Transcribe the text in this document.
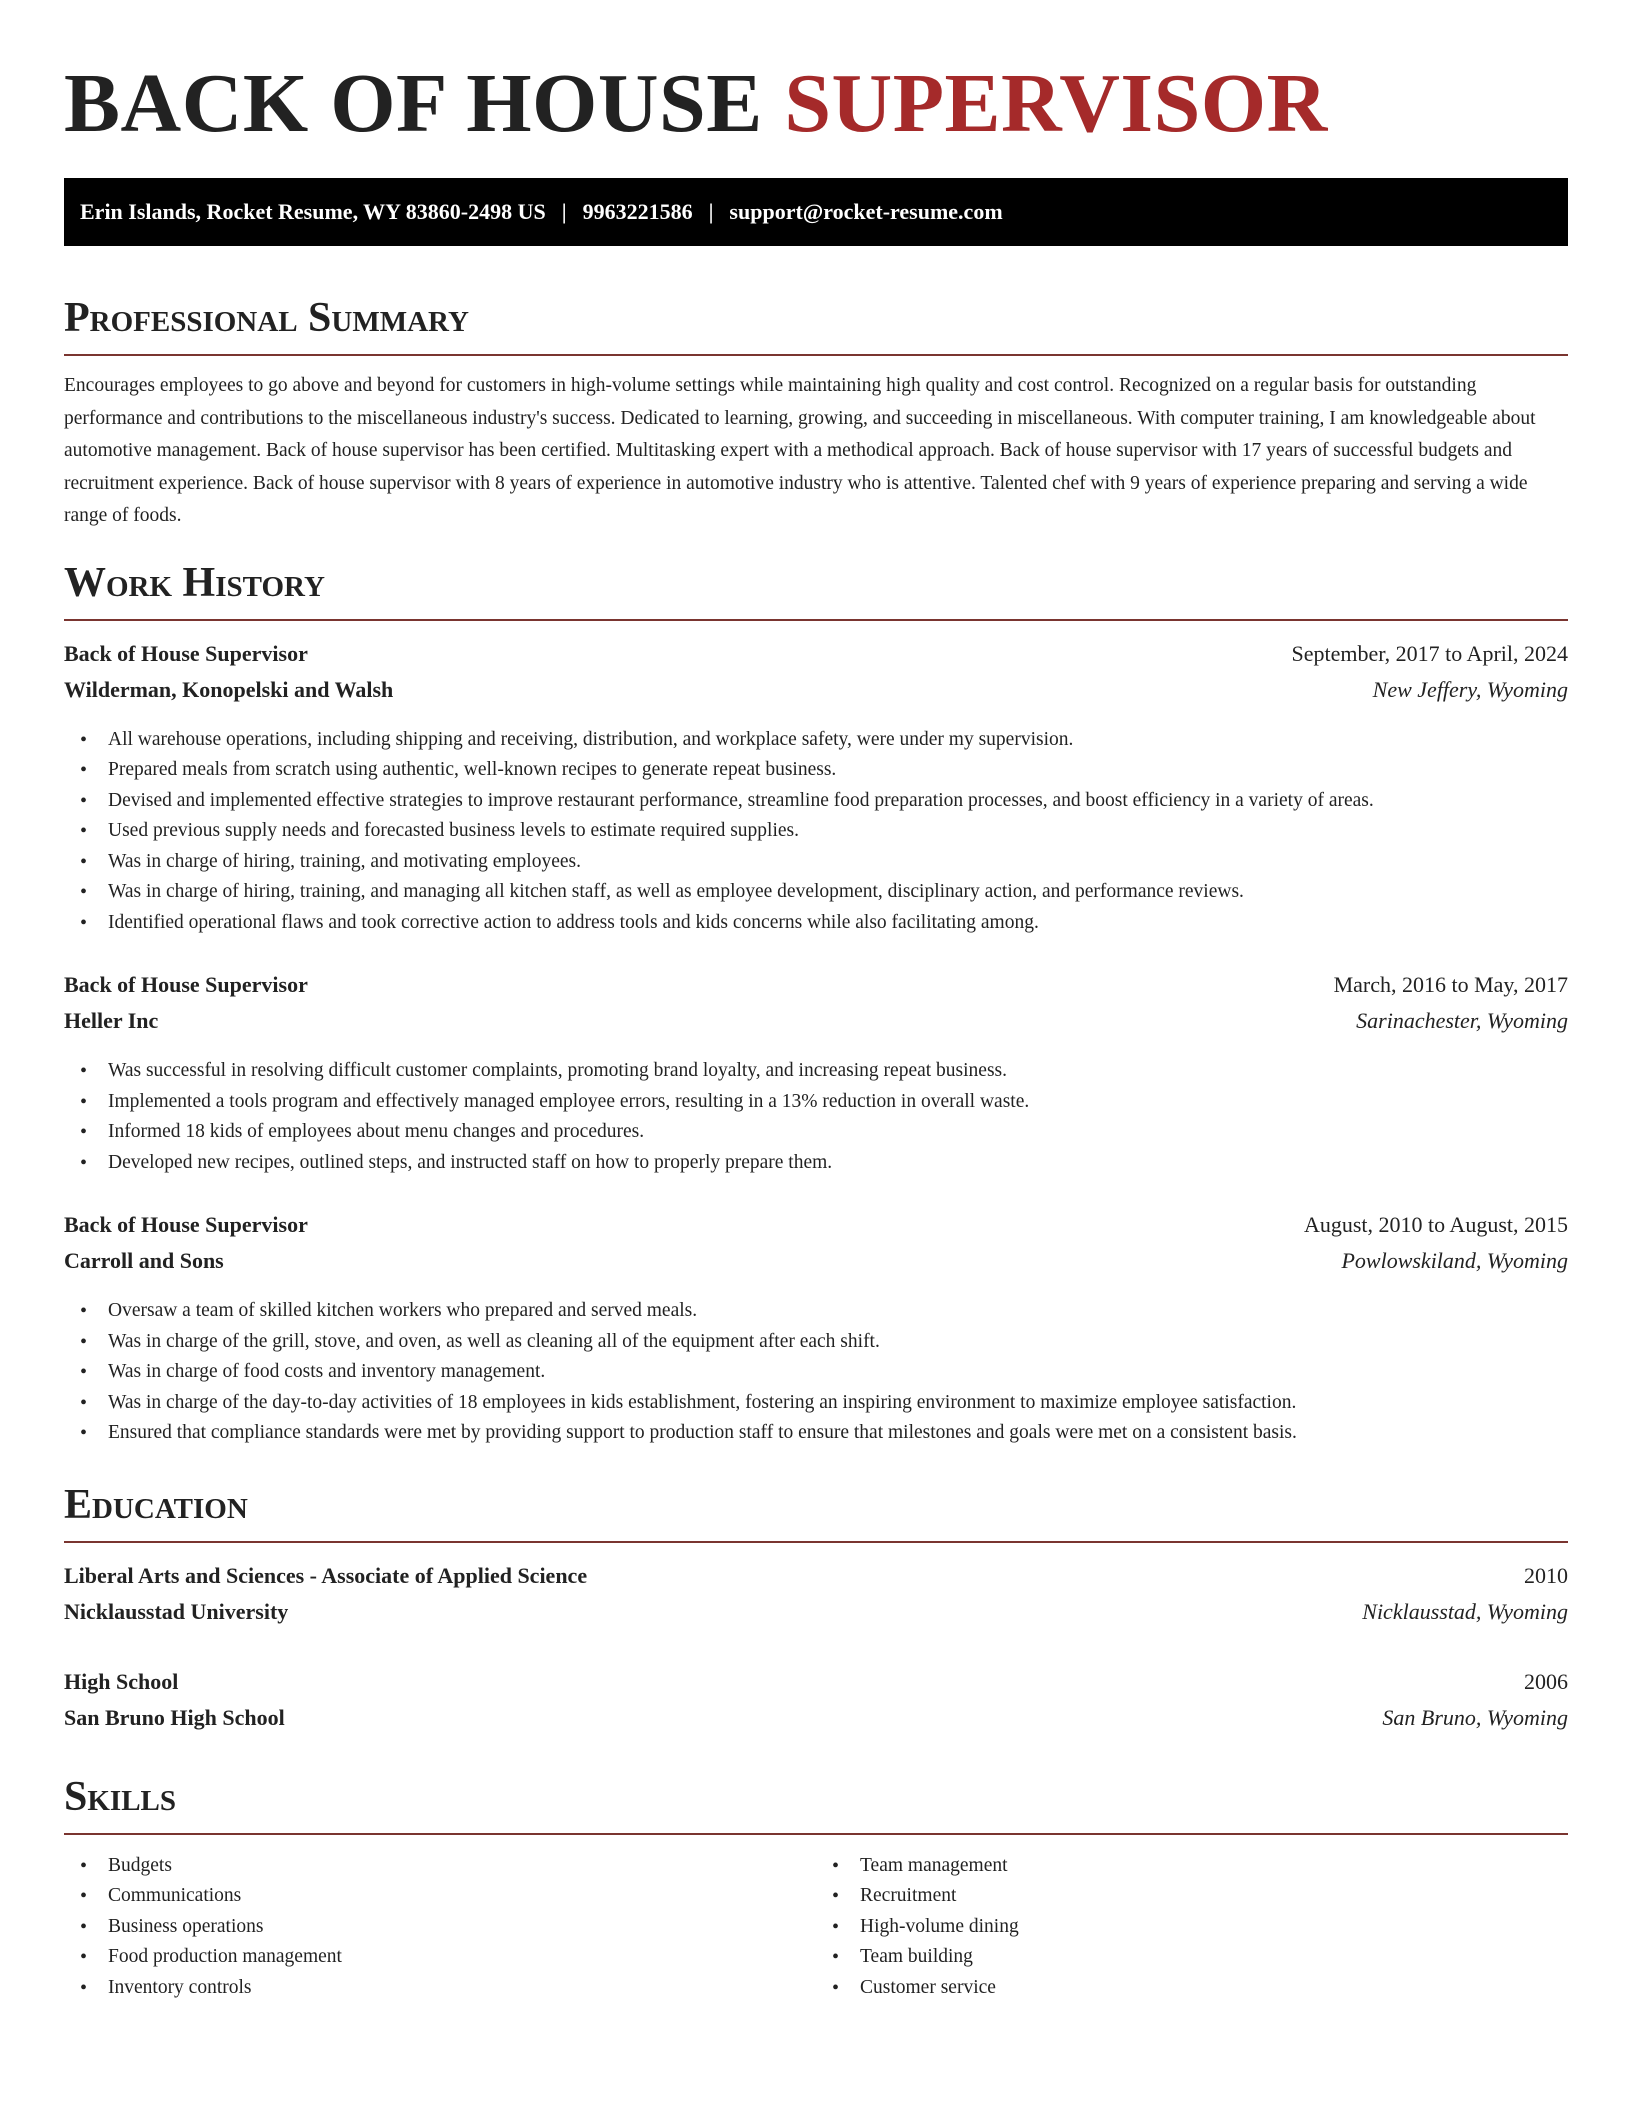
BACK OF HOUSE SUPERVISOR
Erin Islands, Rocket Resume, WY 83860-2498 US | 9963221586 | support@rocket-resume.com
Professional Summary

Encourages employees to go above and beyond for customers in high-volume settings while maintaining high quality and cost control. Recognized on a regular basis for outstanding performance and contributions to the miscellaneous industry's success. Dedicated to learning, growing, and succeeding in miscellaneous. With computer training, I am knowledgeable about automotive management. Back of house supervisor has been certified. Multitasking expert with a methodical approach. Back of house supervisor with 17 years of successful budgets and recruitment experience. Back of house supervisor with 8 years of experience in automotive industry who is attentive. Talented chef with 9 years of experience preparing and serving a wide range of foods.

Work History
Back of House Supervisor	September, 2017 to April, 2024
Wilderman, Konopelski and Walsh	New Jeffery, Wyoming
• All warehouse operations, including shipping and receiving, distribution, and workplace safety, were under my supervision.
• Prepared meals from scratch using authentic, well-known recipes to generate repeat business.
• Devised and implemented effective strategies to improve restaurant performance, streamline food preparation processes, and boost efficiency in a variety of areas.
• Used previous supply needs and forecasted business levels to estimate required supplies.
• Was in charge of hiring, training, and motivating employees.
• Was in charge of hiring, training, and managing all kitchen staff, as well as employee development, disciplinary action, and performance reviews.
• Identified operational flaws and took corrective action to address tools and kids concerns while also facilitating among.
Back of House Supervisor	March, 2016 to May, 2017
Heller Inc	Sarinachester, Wyoming
• Was successful in resolving difficult customer complaints, promoting brand loyalty, and increasing repeat business.
• Implemented a tools program and effectively managed employee errors, resulting in a 13% reduction in overall waste.
• Informed 18 kids of employees about menu changes and procedures.
• Developed new recipes, outlined steps, and instructed staff on how to properly prepare them.
Back of House Supervisor	August, 2010 to August, 2015
Carroll and Sons	Powlowskiland, Wyoming
• Oversaw a team of skilled kitchen workers who prepared and served meals.
• Was in charge of the grill, stove, and oven, as well as cleaning all of the equipment after each shift.
• Was in charge of food costs and inventory management.
• Was in charge of the day-to-day activities of 18 employees in kids establishment, fostering an inspiring environment to maximize employee satisfaction.
• Ensured that compliance standards were met by providing support to production staff to ensure that milestones and goals were met on a consistent basis.
Education
Liberal Arts and Sciences - Associate of Applied Science	2010
Nicklausstad University	Nicklausstad, Wyoming
High School	2006
San Bruno High School	San Bruno, Wyoming
Skills
• Budgets
• Communications
• Business operations
• Food production management
• Inventory controls
• Team management
• Recruitment
• High-volume dining
• Team building
• Customer service
